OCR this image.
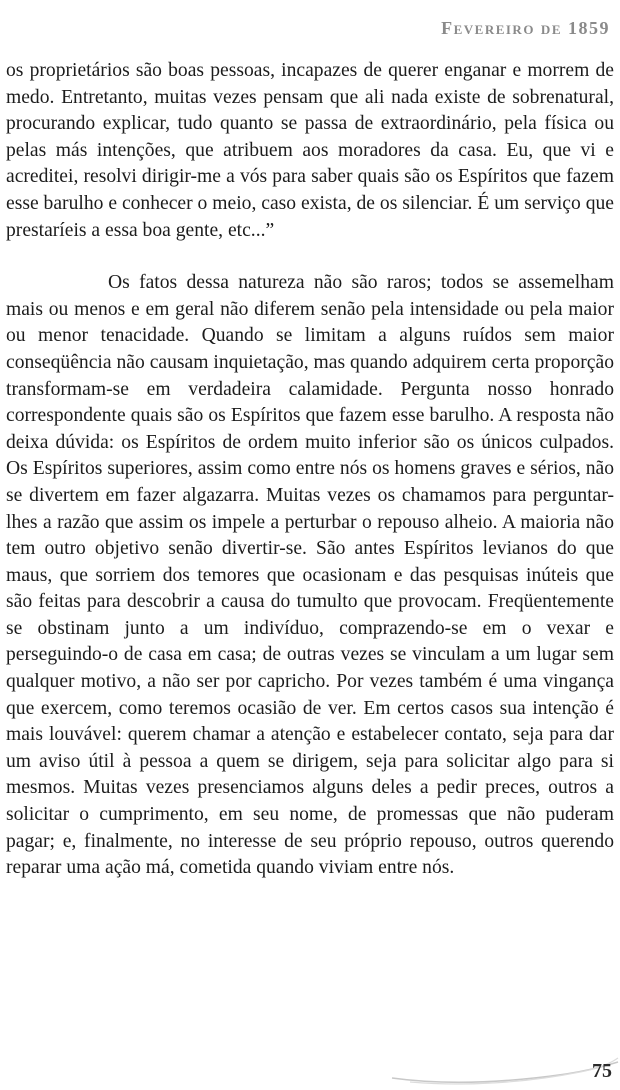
Fevereiro de 1859

os proprietários são boas pessoas, incapazes de querer enganar e morrem de medo. Entretanto, muitas vezes pensam que ali nada existe de sobrenatural, procurando explicar, tudo quanto se passa de extraordinário, pela física ou pelas más intenções, que atribuem aos moradores da casa. Eu, que vi e acreditei, resolvi dirigir-me a vós para saber quais são os Espíritos que fazem esse barulho e conhecer o meio, caso exista, de os silenciar. É um serviço que prestaríeis a essa boa gente, etc...”

Os fatos dessa natureza não são raros; todos se assemelham mais ou menos e em geral não diferem senão pela intensidade ou pela maior ou menor tenacidade. Quando se limitam a alguns ruídos sem maior conseqüência não causam inquietação, mas quando adquirem certa proporção transformam-se em verdadeira calamidade. Pergunta nosso honrado correspondente quais são os Espíritos que fazem esse barulho. A resposta não deixa dúvida: os Espíritos de ordem muito inferior são os únicos culpados. Os Espíritos superiores, assim como entre nós os homens graves e sérios, não se divertem em fazer algazarra. Muitas vezes os chamamos para perguntar-lhes a razão que assim os impele a perturbar o repouso alheio. A maioria não tem outro objetivo senão divertir-se. São antes Espíritos levianos do que maus, que sorriem dos temores que ocasionam e das pesquisas inúteis que são feitas para descobrir a causa do tumulto que provocam. Freqüentemente se obstinam junto a um indivíduo, comprazendo-se em o vexar e perseguindo-o de casa em casa; de outras vezes se vinculam a um lugar sem qualquer motivo, a não ser por capricho. Por vezes também é uma vingança que exercem, como teremos ocasião de ver. Em certos casos sua intenção é mais louvável: querem chamar a atenção e estabelecer contato, seja para dar um aviso útil à pessoa a quem se dirigem, seja para solicitar algo para si mesmos. Muitas vezes presenciamos alguns deles a pedir preces, outros a solicitar o cumprimento, em seu nome, de promessas que não puderam pagar; e, finalmente, no interesse de seu próprio repouso, outros querendo reparar uma ação má, cometida quando viviam entre nós.

75
